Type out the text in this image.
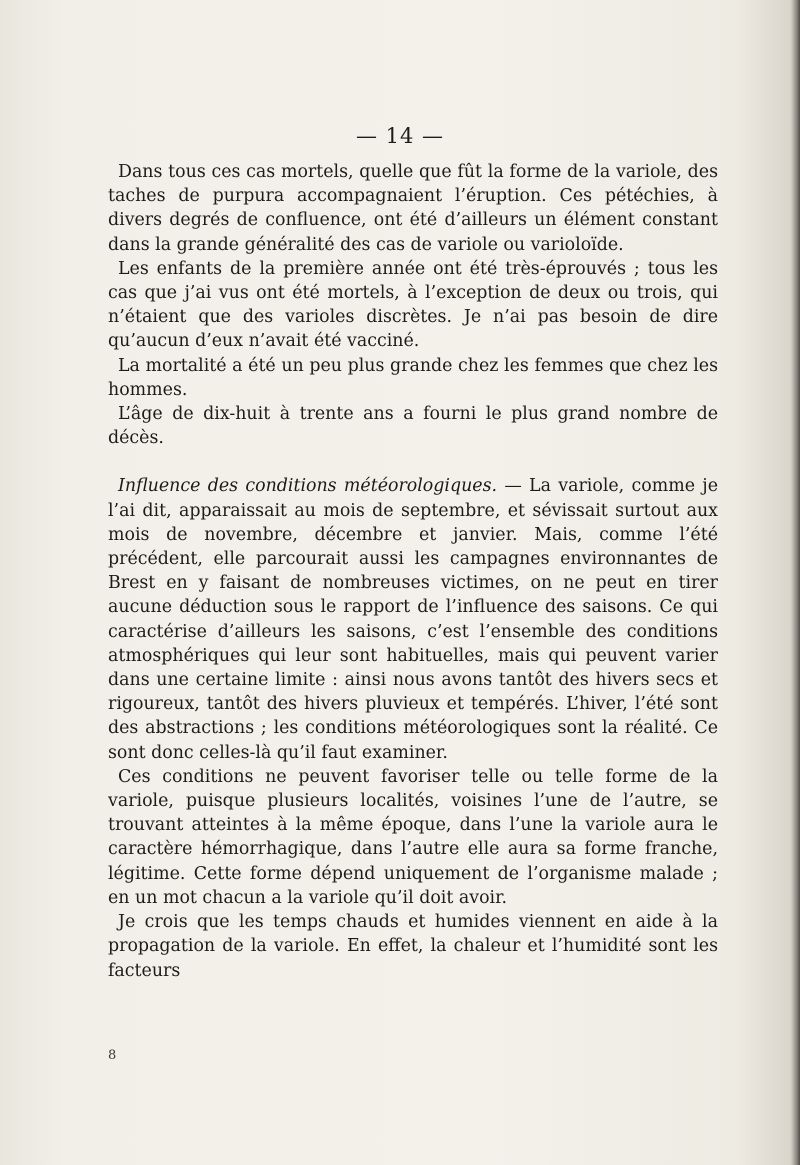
— 14 —

Dans tous ces cas mortels, quelle que fût la forme de la variole, des taches de purpura accompagnaient l’éruption. Ces pétéchies, à divers degrés de confluence, ont été d’ailleurs un élément constant dans la grande généralité des cas de variole ou varioloïde.

Les enfants de la première année ont été très-éprouvés ; tous les cas que j’ai vus ont été mortels, à l’exception de deux ou trois, qui n’étaient que des varioles discrètes. Je n’ai pas besoin de dire qu’aucun d’eux n’avait été vacciné.

La mortalité a été un peu plus grande chez les femmes que chez les hommes.

L’âge de dix-huit à trente ans a fourni le plus grand nombre de décès.

Influence des conditions météorologiques. — La variole, comme je l’ai dit, apparaissait au mois de septembre, et sévissait surtout aux mois de novembre, décembre et janvier. Mais, comme l’été précédent, elle parcourait aussi les campagnes environnantes de Brest en y faisant de nombreuses victimes, on ne peut en tirer aucune déduction sous le rapport de l’influence des saisons. Ce qui caractérise d’ailleurs les saisons, c’est l’ensemble des conditions atmosphériques qui leur sont habituelles, mais qui peuvent varier dans une certaine limite : ainsi nous avons tantôt des hivers secs et rigoureux, tantôt des hivers pluvieux et tempérés. L’hiver, l’été sont des abstractions ; les conditions météorologiques sont la réalité. Ce sont donc celles-là qu’il faut examiner.

Ces conditions ne peuvent favoriser telle ou telle forme de la variole, puisque plusieurs localités, voisines l’une de l’autre, se trouvant atteintes à la même époque, dans l’une la variole aura le caractère hémorrhagique, dans l’autre elle aura sa forme franche, légitime. Cette forme dépend uniquement de l’organisme malade ; en un mot chacun a la variole qu’il doit avoir.

Je crois que les temps chauds et humides viennent en aide à la propagation de la variole. En effet, la chaleur et l’humidité sont les facteurs

8
